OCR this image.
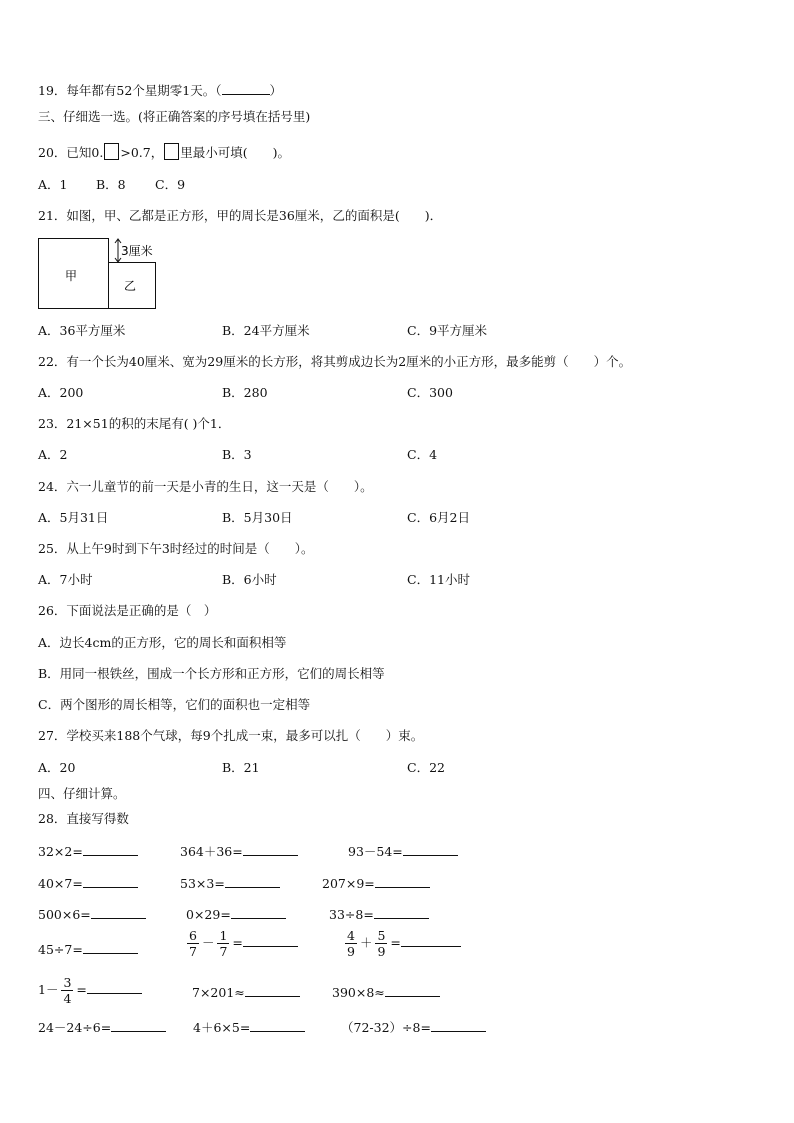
19．每年都有52个星期零1天。（	）
三、仔细选一选。(将正确答案的序号填在括号里)
20．已知0. >0.7， 里最小可填(　　)。
A．1 B．8 C．9
21．如图，甲、乙都是正方形，甲的周长是36厘米，乙的面积是(　　)．
甲
乙
3厘米
A．36平方厘米	B．24平方厘米	C．9平方厘米
22．有一个长为40厘米、宽为29厘米的长方形，将其剪成边长为2厘米的小正方形，最多能剪（　　）个。
A．200	B．280	C．300
23．21×51的积的末尾有( )个1．
A．2	B．3	C．4
24．六一儿童节的前一天是小青的生日，这一天是（　　）。
A．5月31日	B．5月30日	C．6月2日
25．从上午9时到下午3时经过的时间是（　　）。
A．7小时	B．6小时	C．11小时
26．下面说法是正确的是（　）
A．边长4cm的正方形，它的周长和面积相等
B．用同一根铁丝，围成一个长方形和正方形，它们的周长相等
C．两个图形的周长相等，它们的面积也一定相等
27．学校买来188个气球，每9个扎成一束，最多可以扎（　　）束。
A．20	B．21	C．22
四、仔细计算。
28．直接写得数
32×2=	364＋36=	93－54=
40×7=	53×3=	207×9=
500×6=	0×29=	33÷8=
45÷7=	$\frac{6}{7} - \frac{1}{7}$ =	$\frac{4}{9} + \frac{5}{9}$ =
$1- \frac{3}{4}$ =	7×201≈	390×8≈
24－24÷6=	4＋6×5=	（72-32）÷8=
